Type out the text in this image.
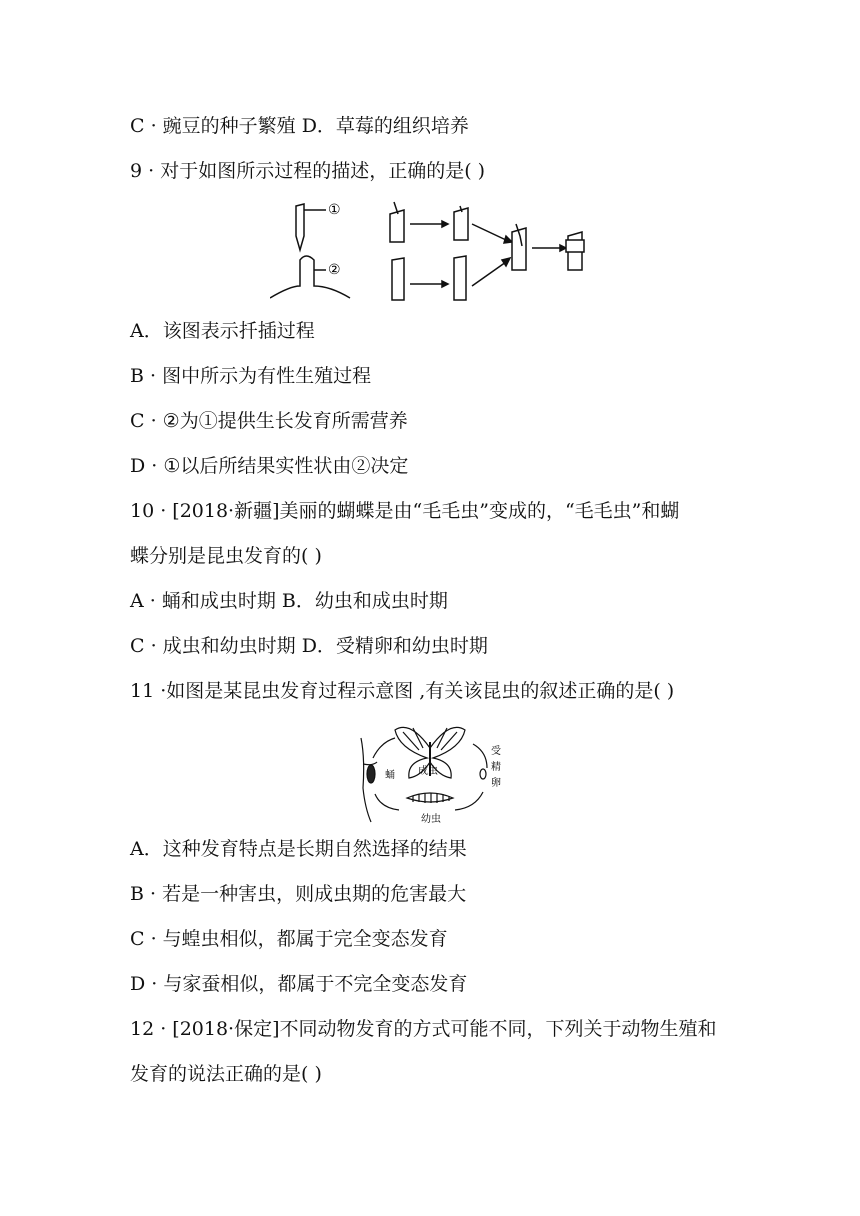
C · 豌豆的种子繁殖 D．草莓的组织培养
9 · 对于如图所示过程的描述，正确的是( )
①
②
A．该图表示扦插过程
B · 图中所示为有性生殖过程
C · ②为①提供生长发育所需营养
D · ①以后所结果实性状由②决定
10 · [2018·新疆]美丽的蝴蝶是由“毛毛虫”变成的，“毛毛虫”和蝴
蝶分别是昆虫发育的( )
A · 蛹和成虫时期 B．幼虫和成虫时期
C · 成虫和幼虫时期 D．受精卵和幼虫时期
11 ·如图是某昆虫发育过程示意图 ,有关该昆虫的叙述正确的是( )
成虫
蛹
受
精
卵
幼虫
A．这种发育特点是长期自然选择的结果
B · 若是一种害虫，则成虫期的危害最大
C · 与蝗虫相似，都属于完全变态发育
D · 与家蚕相似，都属于不完全变态发育
12 · [2018·保定]不同动物发育的方式可能不同，下列关于动物生殖和
发育的说法正确的是( )
